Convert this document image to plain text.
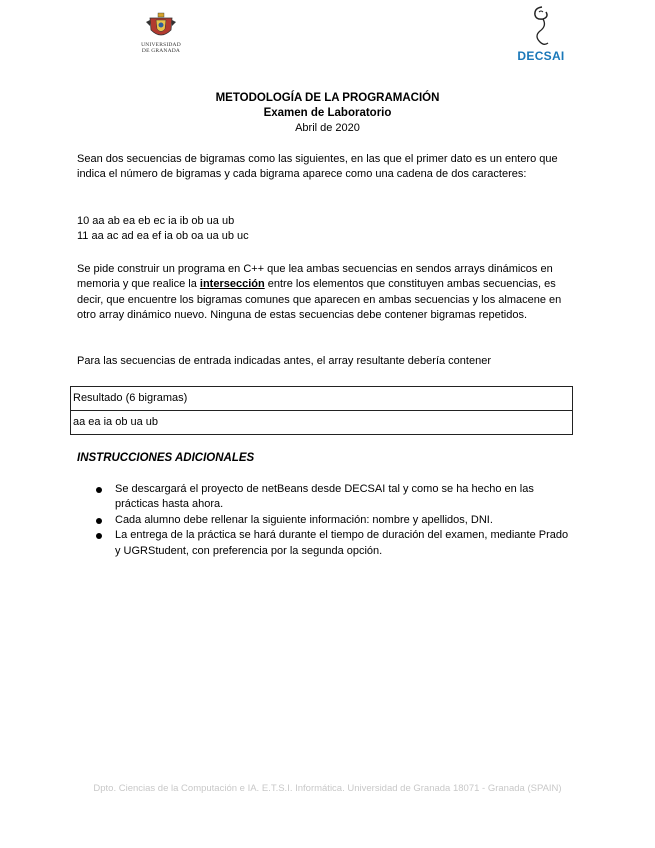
UNIVERSIDAD
DE GRANADA	DECSAI
METODOLOGÍA DE LA PROGRAMACIÓN
Examen de Laboratorio
Abril de 2020
Sean dos secuencias de bigramas como las siguientes, en las que el primer dato es un entero que indica el número de bigramas y cada bigrama aparece como una cadena de dos caracteres:
10 aa ab ea eb ec ia ib ob ua ub
11 aa ac ad ea ef ia ob oa ua ub uc
Se pide construir un programa en C++ que lea ambas secuencias en sendos arrays dinámicos en memoria y que realice la intersección entre los elementos que constituyen ambas secuencias, es decir, que encuentre los bigramas comunes que aparecen en ambas secuencias y los almacene en otro array dinámico nuevo. Ninguna de estas secuencias debe contener bigramas repetidos.
Para las secuencias de entrada indicadas antes, el array resultante debería contener
Resultado (6 bigramas)
aa ea ia ob ua ub
INSTRUCCIONES ADICIONALES
Se descargará el proyecto de netBeans desde DECSAI tal y como se ha hecho en las prácticas hasta ahora.
Cada alumno debe rellenar la siguiente información: nombre y apellidos, DNI.
La entrega de la práctica se hará durante el tiempo de duración del examen, mediante Prado y UGRStudent, con preferencia por la segunda opción.
Dpto. Ciencias de la Computación e IA. E.T.S.I. Informática. Universidad de Granada 18071 - Granada (SPAIN)
